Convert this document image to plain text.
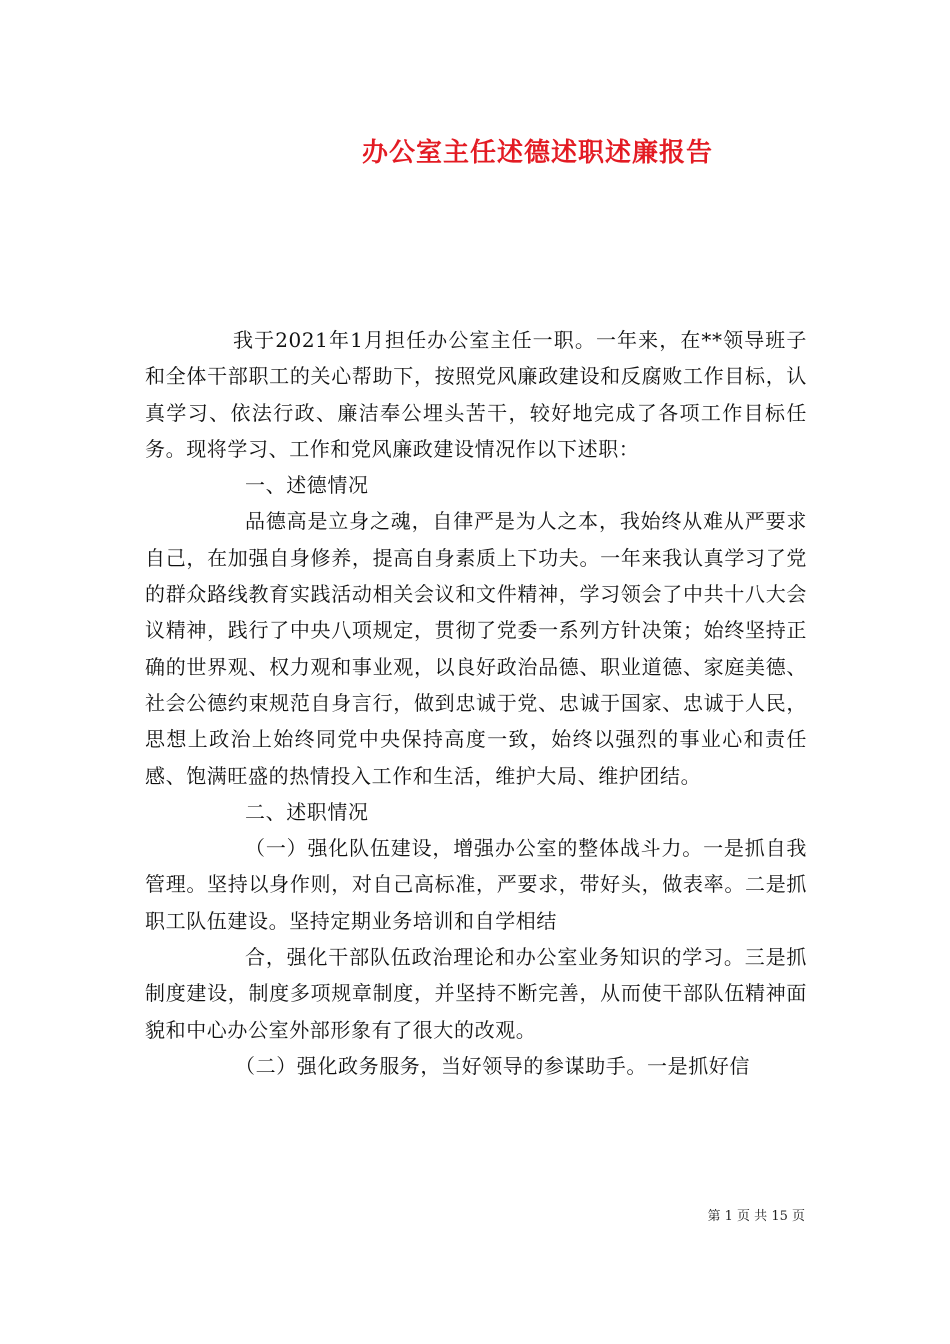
办公室主任述德述职述廉报告

我于2021年1月担任办公室主任一职。一年来，在**领导班子和全体干部职工的关心帮助下，按照党风廉政建设和反腐败工作目标，认真学习、依法行政、廉洁奉公埋头苦干，较好地完成了各项工作目标任务。现将学习、工作和党风廉政建设情况作以下述职：

一、述德情况

品德高是立身之魂，自律严是为人之本，我始终从难从严要求自己，在加强自身修养，提高自身素质上下功夫。一年来我认真学习了党的群众路线教育实践活动相关会议和文件精神，学习领会了中共十八大会议精神，践行了中央八项规定，贯彻了党委一系列方针决策；始终坚持正确的世界观、权力观和事业观，以良好政治品德、职业道德、家庭美德、社会公德约束规范自身言行，做到忠诚于党、忠诚于国家、忠诚于人民，思想上政治上始终同党中央保持高度一致，始终以强烈的事业心和责任感、饱满旺盛的热情投入工作和生活，维护大局、维护团结。

二、述职情况

（一）强化队伍建设，增强办公室的整体战斗力。一是抓自我管理。坚持以身作则，对自己高标准，严要求，带好头，做表率。二是抓职工队伍建设。坚持定期业务培训和自学相结

合，强化干部队伍政治理论和办公室业务知识的学习。三是抓制度建设，制度多项规章制度，并坚持不断完善，从而使干部队伍精神面貌和中心办公室外部形象有了很大的改观。

（二）强化政务服务，当好领导的参谋助手。一是抓好信

第 1 页 共 15 页
